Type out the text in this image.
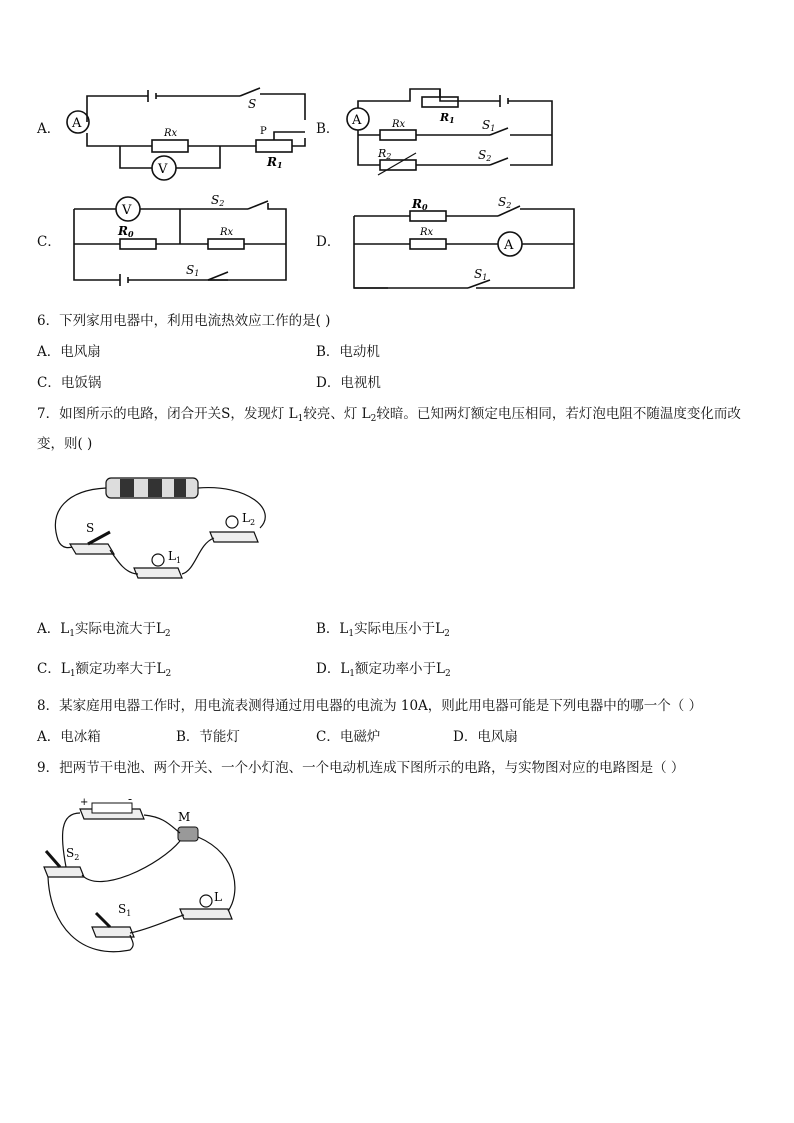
A．	B．
C．	D．
A
Rx
V
P
R1
S
A	R1
Rx	S1
R2	S2
S2
V
R0	Rx
S1
R0	S2
Rx
A
S1
6．下列家用电器中，利用电流热效应工作的是( )
A．电风扇	B．电动机
C．电饭锅	D．电视机
7．如图所示的电路，闭合开关S，发现灯 $L_1$较亮、灯 $L_2$较暗。已知两灯额定电压相同，若灯泡电阻不随温度变化而改变，则( )
S
$L_2$
$L_1$
A．$L_1$实际电流大于$L_2$	B．$L_1$实际电压小于$L_2$
C．$L_1$额定功率大于$L_2$	D．$L_1$额定功率小于$L_2$
8．某家庭用电器工作时，用电流表测得通过用电器的电流为 10A，则此用电器可能是下列电器中的哪一个（ ）
A．电冰箱	B．节能灯	C．电磁炉	D．电风扇
9．把两节干电池、两个开关、一个小灯泡、一个电动机连成下图所示的电路，与实物图对应的电路图是（ ）
+	-
M
$S_2$
$S_1$
L
